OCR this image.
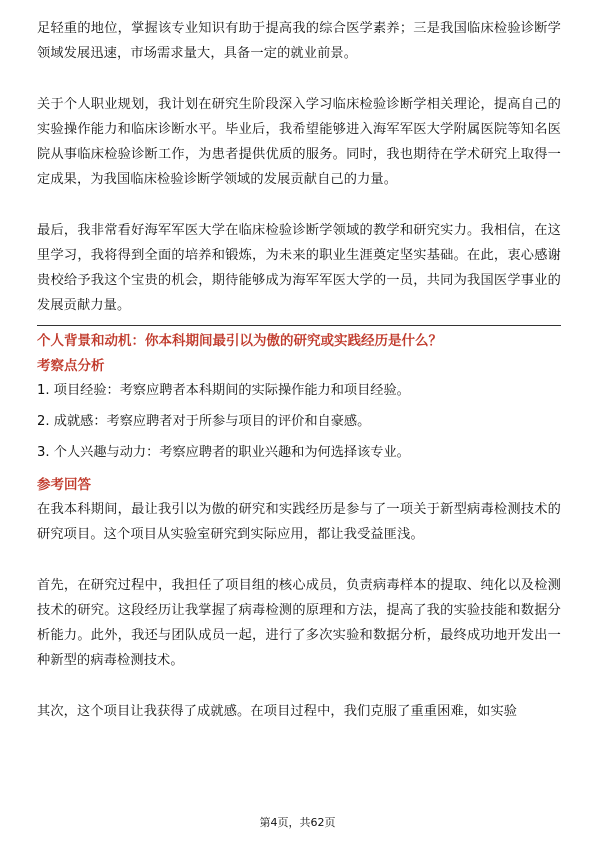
足轻重的地位，掌握该专业知识有助于提高我的综合医学素养；三是我国临床检验诊断学领域发展迅速，市场需求量大，具备一定的就业前景。

关于个人职业规划，我计划在研究生阶段深入学习临床检验诊断学相关理论，提高自己的实验操作能力和临床诊断水平。毕业后，我希望能够进入海军军医大学附属医院等知名医院从事临床检验诊断工作，为患者提供优质的服务。同时，我也期待在学术研究上取得一定成果，为我国临床检验诊断学领域的发展贡献自己的力量。

最后，我非常看好海军军医大学在临床检验诊断学领域的教学和研究实力。我相信，在这里学习，我将得到全面的培养和锻炼，为未来的职业生涯奠定坚实基础。在此，衷心感谢贵校给予我这个宝贵的机会，期待能够成为海军军医大学的一员，共同为我国医学事业的发展贡献力量。

个人背景和动机：你本科期间最引以为傲的研究或实践经历是什么？
考察点分析
1. 项目经验：考察应聘者本科期间的实际操作能力和项目经验。
2. 成就感：考察应聘者对于所参与项目的评价和自豪感。
3. 个人兴趣与动力：考察应聘者的职业兴趣和为何选择该专业。
参考回答

在我本科期间，最让我引以为傲的研究和实践经历是参与了一项关于新型病毒检测技术的研究项目。这个项目从实验室研究到实际应用，都让我受益匪浅。

首先，在研究过程中，我担任了项目组的核心成员，负责病毒样本的提取、纯化以及检测技术的研究。这段经历让我掌握了病毒检测的原理和方法，提高了我的实验技能和数据分析能力。此外，我还与团队成员一起，进行了多次实验和数据分析，最终成功地开发出一种新型的病毒检测技术。

其次，这个项目让我获得了成就感。在项目过程中，我们克服了重重困难，如实验

第4页，共62页
